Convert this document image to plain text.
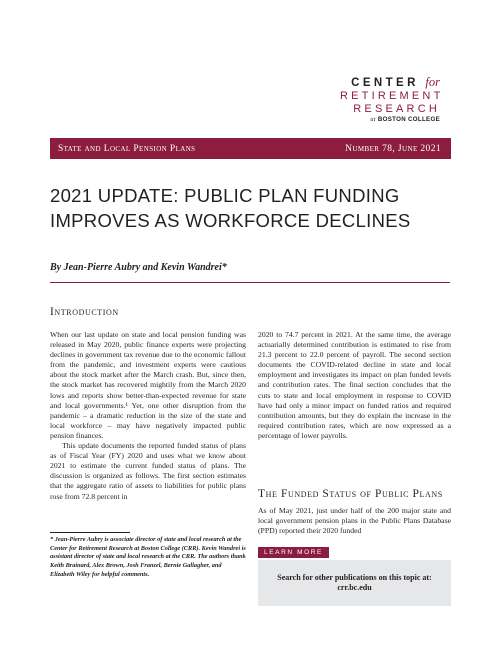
CENTER for
RETIREMENT
RESEARCH
at BOSTON COLLEGE
State and Local Pension Plans	Number 78, June 2021
2021 UPDATE: PUBLIC PLAN FUNDING
IMPROVES AS WORKFORCE DECLINES
By Jean-Pierre Aubry and Kevin Wandrei*
Introduction

When our last update on state and local pension funding was released in May 2020, public finance experts were projecting declines in government tax revenue due to the economic fallout from the pandemic, and investment experts were cautious about the stock market after the March crash. But, since then, the stock market has recovered mightily from the March 2020 lows and reports show better-than-expected revenue for state and local governments.¹ Yet, one other disruption from the pandemic – a dramatic reduction in the size of the state and local workforce – may have negatively impacted public pension finances.

This update documents the reported funded status of plans as of Fiscal Year (FY) 2020 and uses what we know about 2021 to estimate the current funded status of plans. The discussion is organized as follows. The first section estimates that the aggregate ratio of assets to liabilities for public plans rose from 72.8 percent in

2020 to 74.7 percent in 2021. At the same time, the average actuarially determined contribution is estimated to rise from 21.3 percent to 22.0 percent of payroll. The second section documents the COVID-related decline in state and local employment and investigates its impact on plan funded levels and contribution rates. The final section concludes that the cuts to state and local employment in response to COVID have had only a minor impact on funded ratios and required contribution amounts, but they do explain the increase in the required contribution rates, which are now expressed as a percentage of lower payrolls.

The Funded Status of Public Plans

As of May 2021, just under half of the 200 major state and local government pension plans in the Public Plans Database (PPD) reported their 2020 funded

* Jean-Pierre Aubry is associate director of state and local research at the Center for Retirement Research at Boston College (CRR). Kevin Wandrei is assistant director of state and local research at the CRR. The authors thank Keith Brainard, Alex Brown, Josh Franzel, Bernie Gallagher, and Elizabeth Wiley for helpful comments.
LEARN MORE
Search for other publications on this topic at:
crr.bc.edu
